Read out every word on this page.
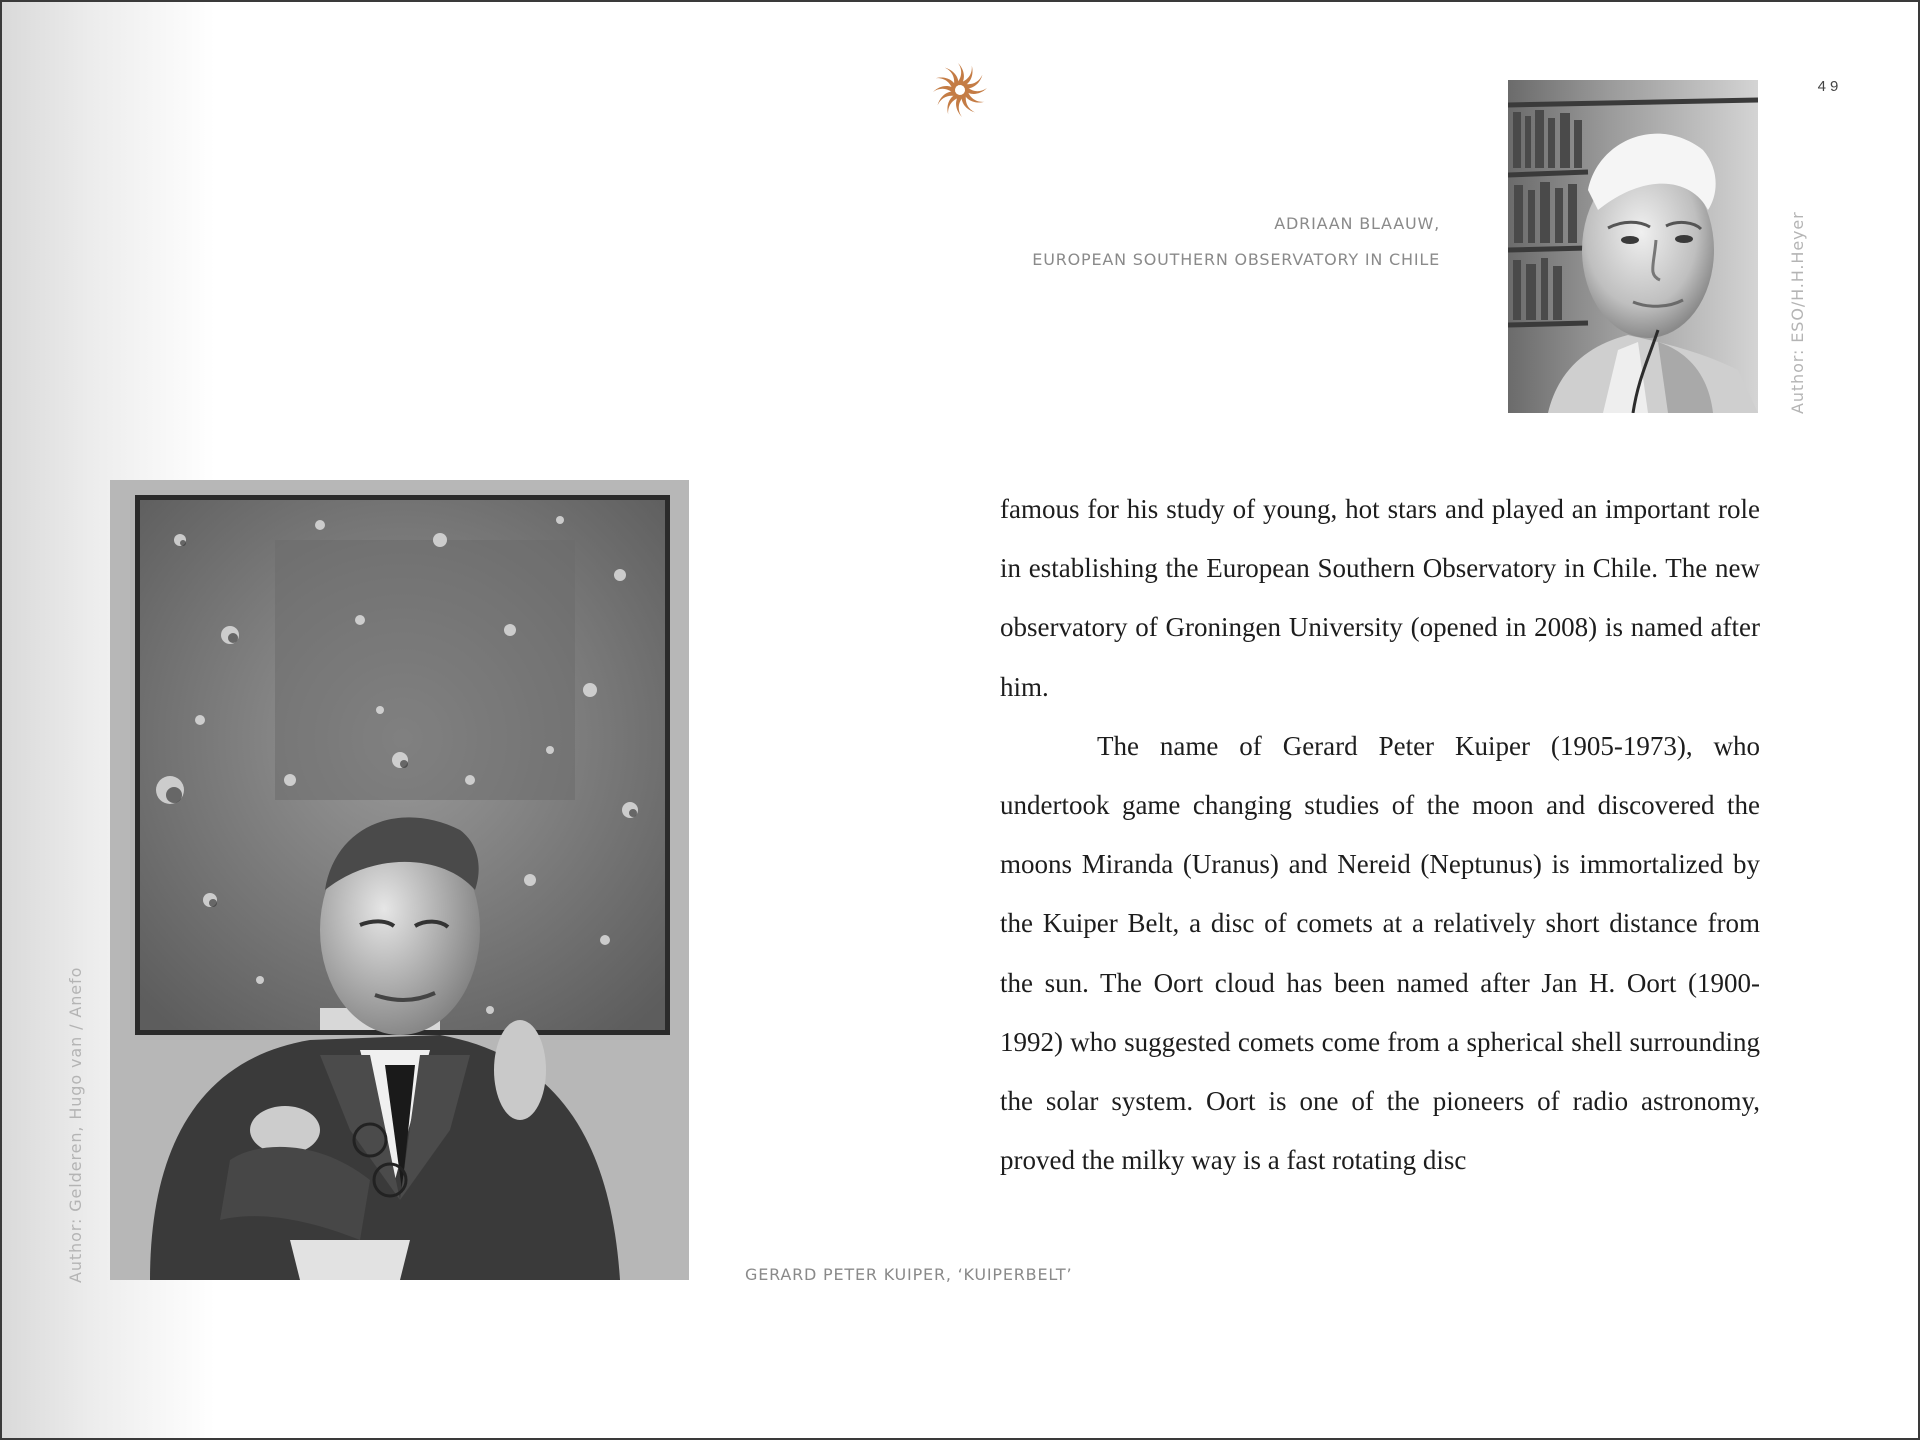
49
ADRIAAN BLAAUW,
EUROPEAN SOUTHERN OBSERVATORY IN CHILE	Author: ESO/H.H.Heyer
Author: Gelderen, Hugo van / Anefo	GERARD PETER KUIPER, ‘KUIPERBELT’

famous for his study of young, hot stars and played an important role in establishing the European Southern Observatory in Chile. The new observatory of Groningen University (opened in 2008) is named after him.

The name of Gerard Peter Kuiper (1905-1973), who undertook game changing studies of the moon and discovered the moons Miranda (Uranus) and Nereid (Neptunus) is immortalized by the Kuiper Belt, a disc of comets at a relatively short distance from the sun. The Oort cloud has been named after Jan H. Oort (1900- 1992) who suggested comets come from a spherical shell surrounding the solar system. Oort is one of the pioneers of radio astronomy, proved the milky way is a fast rotating disc
